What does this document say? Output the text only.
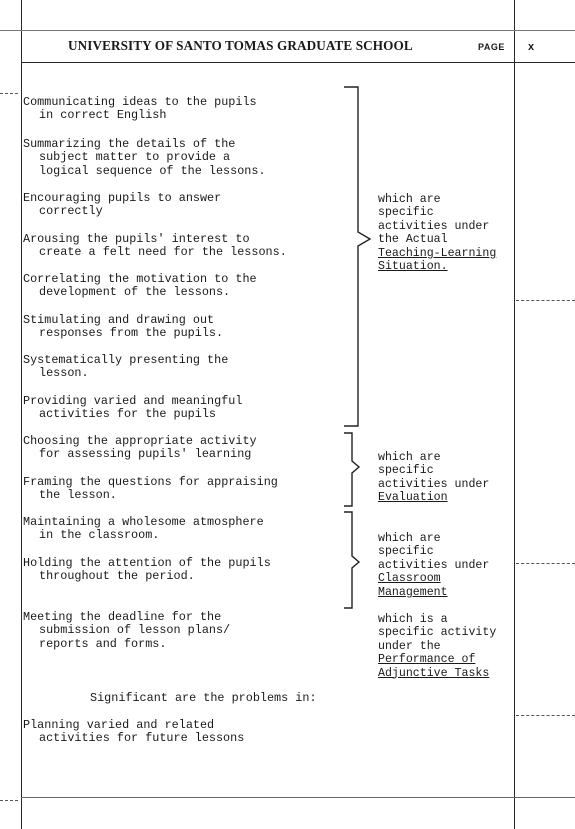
UNIVERSITY OF SANTO TOMAS GRADUATE SCHOOL	PAGE x
Communicating ideas to the pupils
in correct English
Summarizing the details of the
subject matter to provide a
logical sequence of the lessons.
Encouraging pupils to answer
correctly
Arousing the pupils' interest to
create a felt need for the lessons.
Correlating the motivation to the
development of the lessons.
Stimulating and drawing out
responses from the pupils.
Systematically presenting the
lesson.
Providing varied and meaningful
activities for the pupils
Choosing the appropriate activity
for assessing pupils' learning
Framing the questions for appraising
the lesson.
Maintaining a wholesome atmosphere
in the classroom.
Holding the attention of the pupils
throughout the period.
Meeting the deadline for the
submission of lesson plans/
reports and forms.
which are
specific
activities under
the Actual
Teaching-Learning
Situation.
which are
specific
activities under
Evaluation
which are
specific
activities under
Classroom
Management
which is a
specific activity
under the
Performance of
Adjunctive Tasks
Significant are the problems in:
Planning varied and related
activities for future lessons
